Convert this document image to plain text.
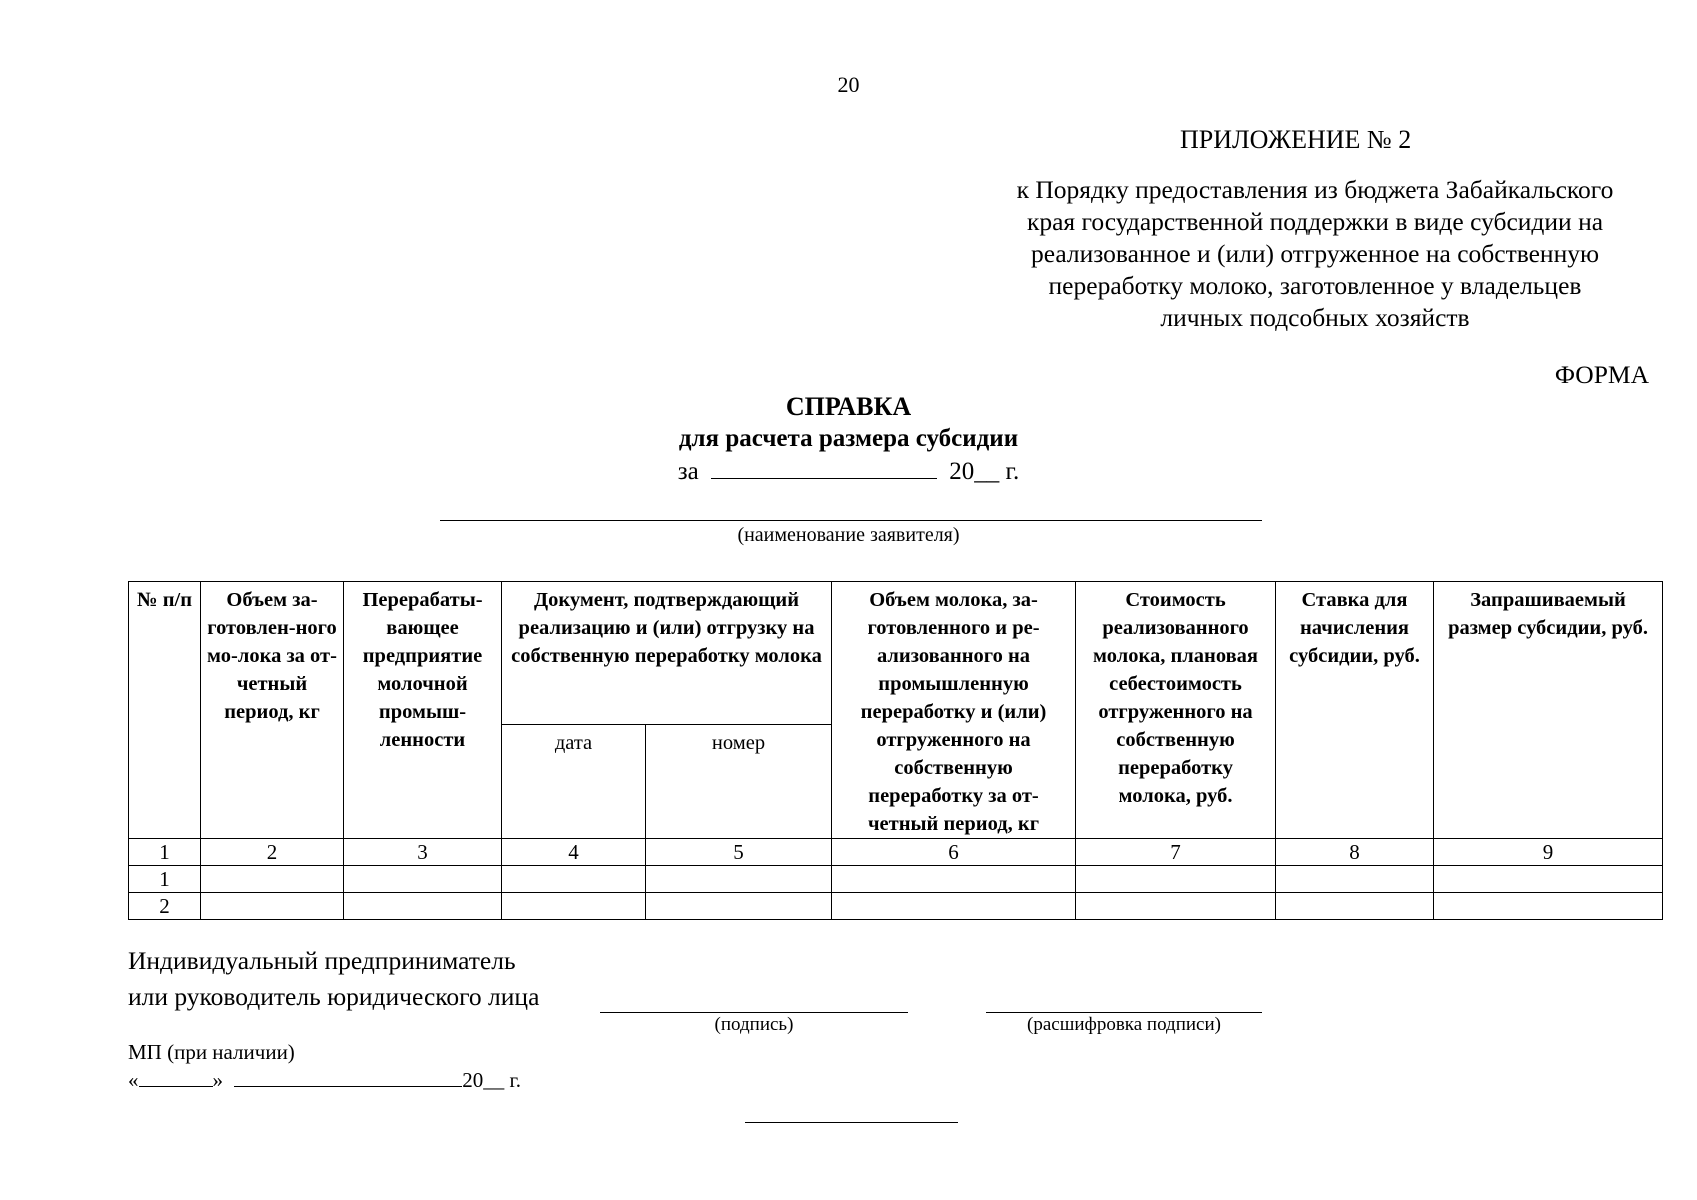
20
ПРИЛОЖЕНИЕ № 2
к Порядку предоставления из бюджета Забайкальского
края государственной поддержки в виде субсидии на
реализованное и (или) отгруженное на собственную
переработку молоко, заготовленное у владельцев
личных подсобных хозяйств
ФОРМА
СПРАВКА
для расчета размера субсидии
за	20__ г.
(наименование заявителя)
№ п/п	Объем за-готовлен-ного мо-лока за от-четный период, кг	Перерабаты-вающее предприятие молочной промыш-ленности	Документ, подтверждающий реализацию и (или) отгрузку на собственную переработку молока		Объем молока, за-готовленного и ре-ализованного на промышленную переработку и (или) отгруженного на собственную переработку за от-четный период, кг	Стоимость реализованного молока, плановая себестоимость отгруженного на собственную переработку молока, руб.	Ставка для начисления субсидии, руб.	Запрашиваемый размер субсидии, руб.
			дата	номер				
1	2	3	4	5	6	7	8	9
1								
2								
Индивидуальный предприниматель
или руководитель юридического лица
(подпись)	(расшифровка подписи)
МП (при наличии)
«	»	20__ г.
